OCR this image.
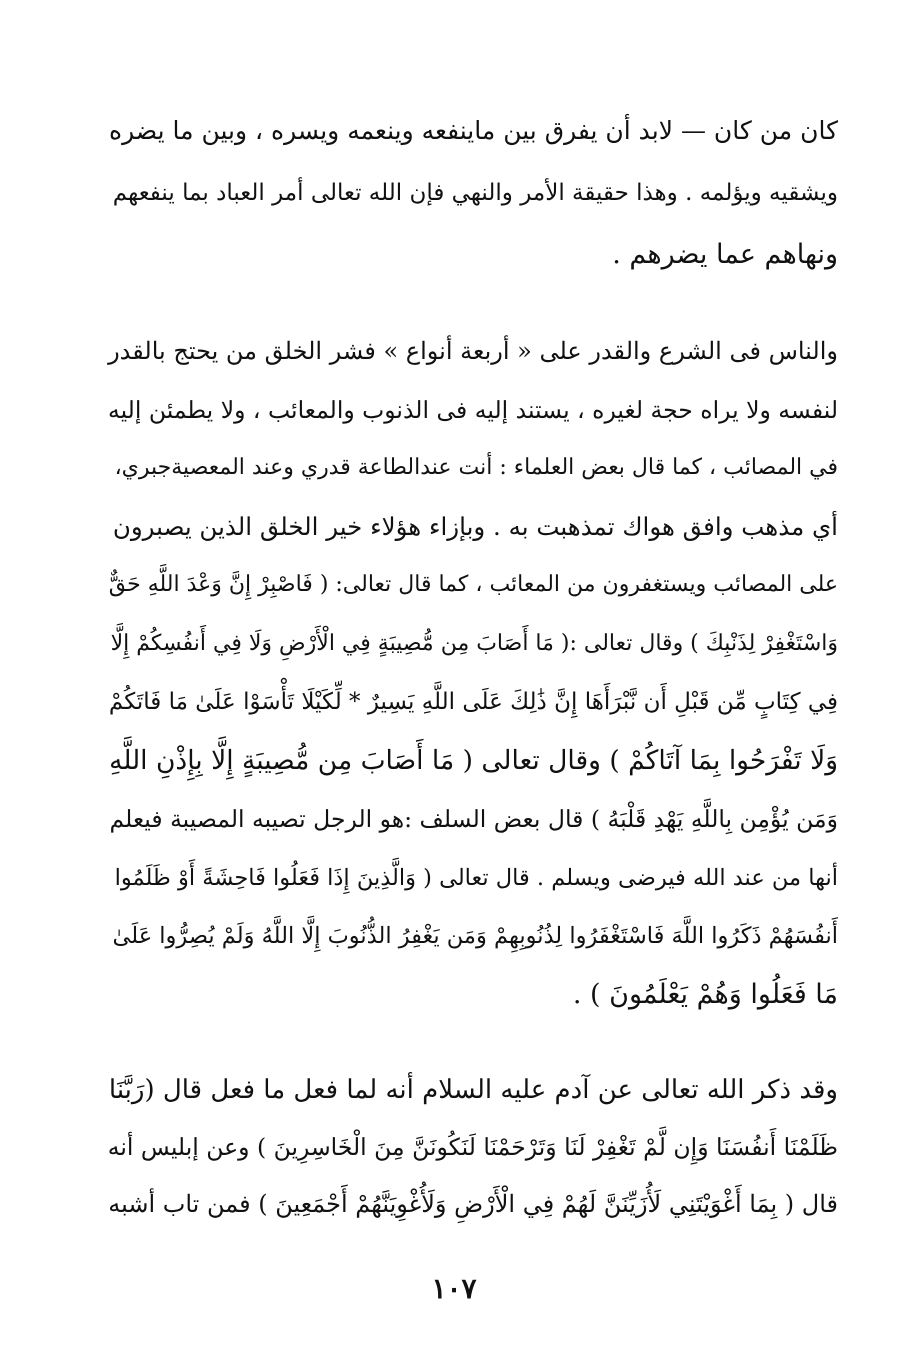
كان من كان — لابد أن يفرق بين ماينفعه وينعمه ويسره ، وبين ما يضره
ويشقيه ويؤلمه . وهذا حقيقة الأمر والنهي فإن الله تعالى أمر العباد بما ينفعهم
ونهاهم عما يضرهم .
والناس فى الشرع والقدر على « أربعة أنواع » فشر الخلق من يحتج بالقدر
لنفسه ولا يراه حجة لغيره ، يستند إليه فى الذنوب والمعائب ، ولا يطمئن إليه
في المصائب ، كما قال بعض العلماء : أنت عندالطاعة قدري وعند المعصيةجبري،
أي مذهب وافق هواك تمذهبت به . وبإزاء هؤلاء خير الخلق الذين يصبرون
على المصائب ويستغفرون من المعائب ، كما قال تعالى: ( فَاصْبِرْ إِنَّ وَعْدَ اللَّهِ حَقٌّ
وَاسْتَغْفِرْ لِذَنْبِكَ ) وقال تعالى :( مَا أَصَابَ مِن مُّصِيبَةٍ فِي الْأَرْضِ وَلَا فِي أَنفُسِكُمْ إِلَّا
فِي كِتَابٍ مِّن قَبْلِ أَن نَّبْرَأَهَا إِنَّ ذَٰلِكَ عَلَى اللَّهِ يَسِيرٌ * لِّكَيْلَا تَأْسَوْا عَلَىٰ مَا فَاتَكُمْ
وَلَا تَفْرَحُوا بِمَا آتَاكُمْ ) وقال تعالى ( مَا أَصَابَ مِن مُّصِيبَةٍ إِلَّا بِإِذْنِ اللَّهِ
وَمَن يُؤْمِن بِاللَّهِ يَهْدِ قَلْبَهُ ) قال بعض السلف :هو الرجل تصيبه المصيبة فيعلم
أنها من عند الله فيرضى ويسلم . قال تعالى ( وَالَّذِينَ إِذَا فَعَلُوا فَاحِشَةً أَوْ ظَلَمُوا
أَنفُسَهُمْ ذَكَرُوا اللَّهَ فَاسْتَغْفَرُوا لِذُنُوبِهِمْ وَمَن يَغْفِرُ الذُّنُوبَ إِلَّا اللَّهُ وَلَمْ يُصِرُّوا عَلَىٰ
مَا فَعَلُوا وَهُمْ يَعْلَمُونَ ) .
وقد ذكر الله تعالى عن آدم عليه السلام أنه لما فعل ما فعل قال (رَبَّنَا
ظَلَمْنَا أَنفُسَنَا وَإِن لَّمْ تَغْفِرْ لَنَا وَتَرْحَمْنَا لَنَكُونَنَّ مِنَ الْخَاسِرِينَ ) وعن إبليس أنه
قال ( بِمَا أَغْوَيْتَنِي لَأُزَيِّنَنَّ لَهُمْ فِي الْأَرْضِ وَلَأُغْوِيَنَّهُمْ أَجْمَعِينَ ) فمن تاب أشبه
١٠٧
